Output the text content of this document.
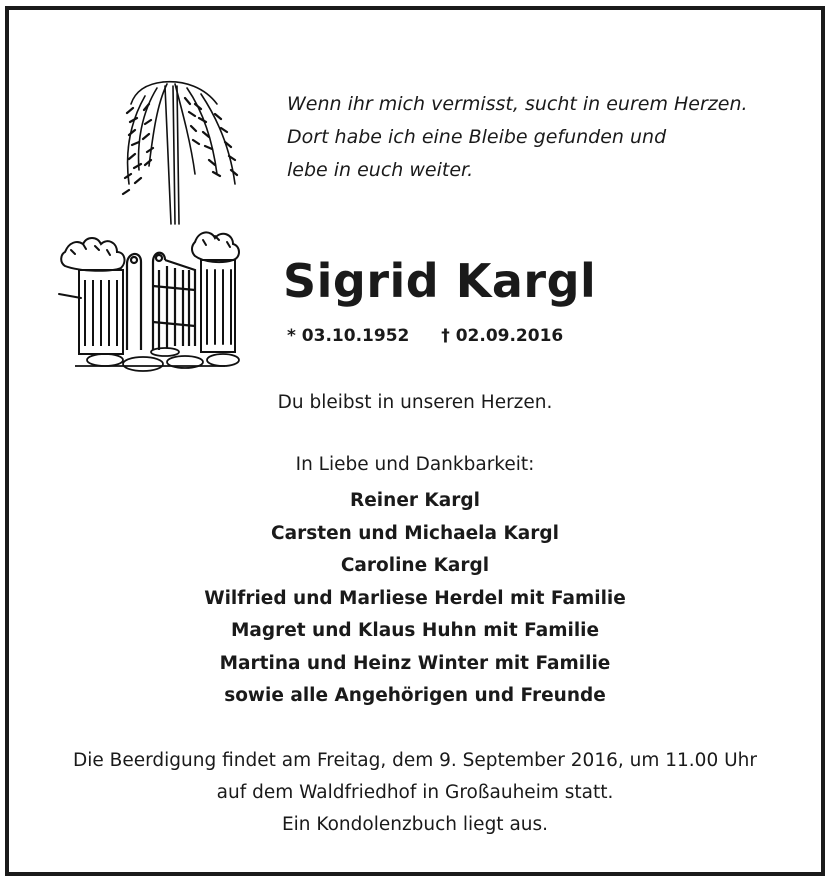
Wenn ihr mich vermisst, sucht in eurem Herzen.
Dort habe ich eine Bleibe gefunden und
lebe in euch weiter.
Sigrid Kargl
* 03.10.1952 † 02.09.2016
Du bleibst in unseren Herzen.
In Liebe und Dankbarkeit:
Reiner Kargl
Carsten und Michaela Kargl
Caroline Kargl
Wilfried und Marliese Herdel mit Familie
Magret und Klaus Huhn mit Familie
Martina und Heinz Winter mit Familie
sowie alle Angehörigen und Freunde
Die Beerdigung findet am Freitag, dem 9. September 2016, um 11.00 Uhr
auf dem Waldfriedhof in Großauheim statt.
Ein Kondolenzbuch liegt aus.
